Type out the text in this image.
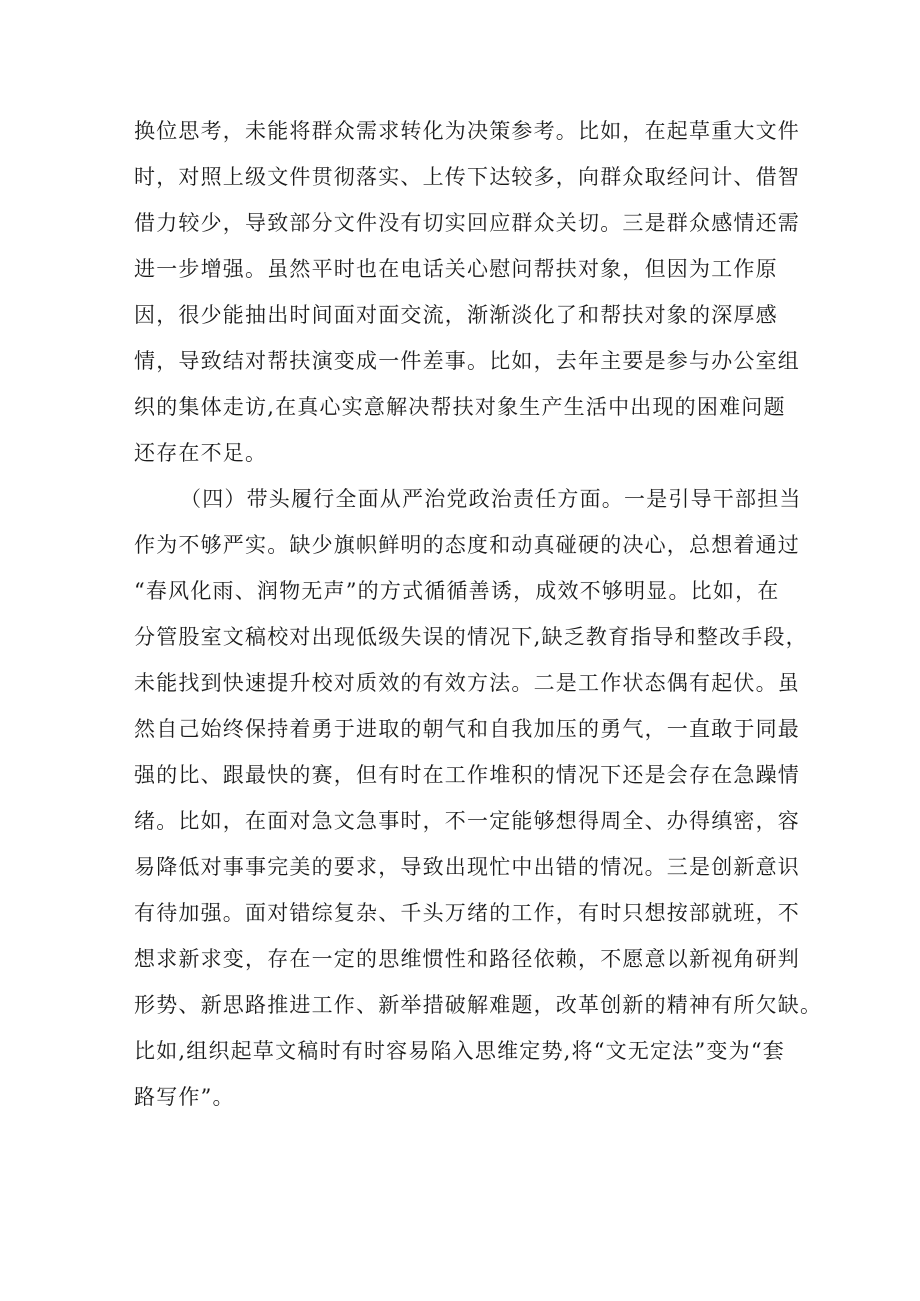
换位思考，未能将群众需求转化为决策参考。比如，在起草重大文件
时，对照上级文件贯彻落实、上传下达较多，向群众取经问计、借智
借力较少，导致部分文件没有切实回应群众关切。三是群众感情还需
进一步增强。虽然平时也在电话关心慰问帮扶对象，但因为工作原
因，很少能抽出时间面对面交流，渐渐淡化了和帮扶对象的深厚感
情，导致结对帮扶演变成一件差事。比如，去年主要是参与办公室组
织的集体走访,在真心实意解决帮扶对象生产生活中出现的困难问题
还存在不足。
（四）带头履行全面从严治党政治责任方面。一是引导干部担当
作为不够严实。缺少旗帜鲜明的态度和动真碰硬的决心，总想着通过
“春风化雨、润物无声”的方式循循善诱，成效不够明显。比如，在
分管股室文稿校对出现低级失误的情况下,缺乏教育指导和整改手段，
未能找到快速提升校对质效的有效方法。二是工作状态偶有起伏。虽
然自己始终保持着勇于进取的朝气和自我加压的勇气，一直敢于同最
强的比、跟最快的赛，但有时在工作堆积的情况下还是会存在急躁情
绪。比如，在面对急文急事时，不一定能够想得周全、办得缜密，容
易降低对事事完美的要求，导致出现忙中出错的情况。三是创新意识
有待加强。面对错综复杂、千头万绪的工作，有时只想按部就班，不
想求新求变，存在一定的思维惯性和路径依赖，不愿意以新视角研判
形势、新思路推进工作、新举措破解难题，改革创新的精神有所欠缺。
比如,组织起草文稿时有时容易陷入思维定势,将“文无定法”变为“套
路写作”。
